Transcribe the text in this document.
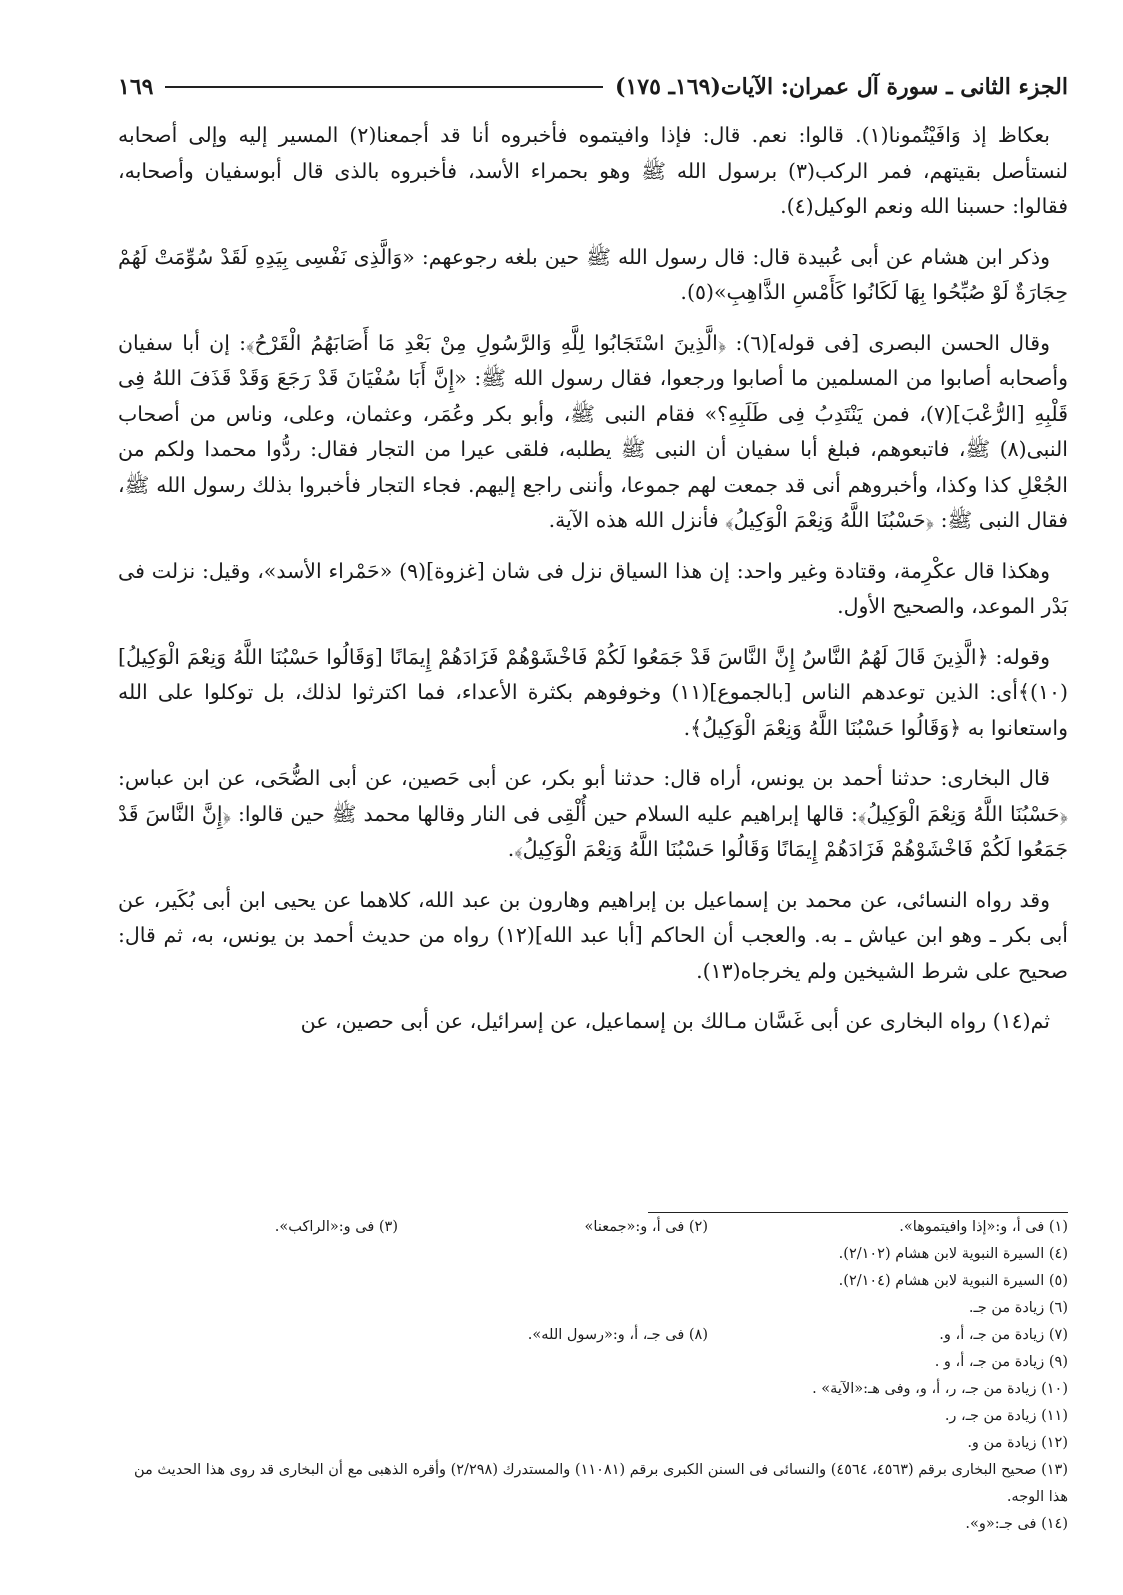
الجزء الثانى ـ سورة آل عمران: الآيات(١٦٩ـ ١٧٥)
١٦٩

بعكاظ إذ وَافَيْتُمونا(١). قالوا: نعم. قال: فإذا وافيتموه فأخبروه أنا قد أجمعنا(٢) المسير إليه وإلى أصحابه لنستأصل بقيتهم، فمر الركب(٣) برسول الله ﷺ وهو بحمراء الأسد، فأخبروه بالذى قال أبوسفيان وأصحابه، فقالوا: حسبنا الله ونعم الوكيل(٤).

وذكر ابن هشام عن أبى عُبيدة قال: قال رسول الله ﷺ حين بلغه رجوعهم: «وَالَّذِى نَفْسِى بِيَدِهِ لَقَدْ سُوِّمَتْ لَهُمْ حِجَارَةٌ لَوْ صُبِّحُوا بِهَا لَكَانُوا كَأَمْسِ الذَّاهِبِ»(٥).

وقال الحسن البصرى [فى قوله](٦): ﴿الَّذِينَ اسْتَجَابُوا لِلَّهِ وَالرَّسُولِ مِنْ بَعْدِ مَا أَصَابَهُمُ الْقَرْحُ﴾: إن أبا سفيان وأصحابه أصابوا من المسلمين ما أصابوا ورجعوا، فقال رسول الله ﷺ: «إِنَّ أَبَا سُفْيَانَ قَدْ رَجَعَ وَقَدْ قَذَفَ اللهُ فِى قَلْبِهِ [الرُّعْبَ](٧)، فمن يَنْتَدِبُ فِى طَلَبِهِ؟» فقام النبى ﷺ، وأبو بكر وعُمَر، وعثمان، وعلى، وناس من أصحاب النبى(٨) ﷺ، فاتبعوهم، فبلغ أبا سفيان أن النبى ﷺ يطلبه، فلقى عيرا من التجار فقال: ردُّوا محمدا ولكم من الجُعْلِ كذا وكذا، وأخبروهم أنى قد جمعت لهم جموعا، وأننى راجع إليهم. فجاء التجار فأخبروا بذلك رسول الله ﷺ، فقال النبى ﷺ: ﴿حَسْبُنَا اللَّهُ وَنِعْمَ الْوَكِيلُ﴾ فأنزل الله هذه الآية.

وهكذا قال عكْرِمة، وقتادة وغير واحد: إن هذا السياق نزل فى شان [غزوة](٩) «حَمْراء الأسد»، وقيل: نزلت فى بَدْر الموعد، والصحيح الأول.

وقوله: ﴿الَّذِينَ قَالَ لَهُمُ النَّاسُ إِنَّ النَّاسَ قَدْ جَمَعُوا لَكُمْ فَاخْشَوْهُمْ فَزَادَهُمْ إِيمَانًا [وَقَالُوا حَسْبُنَا اللَّهُ وَنِعْمَ الْوَكِيلُ](١٠)﴾أى: الذين توعدهم الناس [بالجموع](١١) وخوفوهم بكثرة الأعداء، فما اكترثوا لذلك، بل توكلوا على الله واستعانوا به ﴿وَقَالُوا حَسْبُنَا اللَّهُ وَنِعْمَ الْوَكِيلُ﴾.

قال البخارى: حدثنا أحمد بن يونس، أراه قال: حدثنا أبو بكر، عن أبى حَصين، عن أبى الضُّحَى، عن ابن عباس: ﴿حَسْبُنَا اللَّهُ وَنِعْمَ الْوَكِيلُ﴾: قالها إبراهيم عليه السلام حين أُلْقِى فى النار وقالها محمد ﷺ حين قالوا: ﴿إِنَّ النَّاسَ قَدْ جَمَعُوا لَكُمْ فَاخْشَوْهُمْ فَزَادَهُمْ إِيمَانًا وَقَالُوا حَسْبُنَا اللَّهُ وَنِعْمَ الْوَكِيلُ﴾.

وقد رواه النسائى، عن محمد بن إسماعيل بن إبراهيم وهارون بن عبد الله، كلاهما عن يحيى ابن أبى بُكَير، عن أبى بكر ـ وهو ابن عياش ـ به. والعجب أن الحاكم [أبا عبد الله](١٢) رواه من حديث أحمد بن يونس، به، ثم قال: صحيح على شرط الشيخين ولم يخرجاه(١٣).

ثم(١٤) رواه البخارى عن أبى غَسَّان مـالك بن إسماعيل، عن إسرائيل، عن أبى حصين، عن

(١) فى أ، و:«إذا وافيتموها».
(٢) فى أ، و:«جمعنا»
(٣) فى و:«الراكب».
(٤) السيرة النبوية لابن هشام (٢/١٠٢).
(٥) السيرة النبوية لابن هشام (٢/١٠٤).
(٦) زيادة من جـ.
(٧) زيادة من جـ، أ، و.
(٨) فى جـ، أ، و:«رسول الله».
(٩) زيادة من جـ، أ، و .
(١٠) زيادة من جـ، ر، أ، و، وفى هـ:«الآية» .
(١١) زيادة من جـ، ر.
(١٢) زيادة من و.
(١٣) صحيح البخارى برقم (٤٥٦٣، ٤٥٦٤) والنسائى فى السنن الكبرى برقم (١١٠٨١) والمستدرك (٢/٢٩٨) وأقره الذهبى مع أن البخارى قد روى هذا الحديث من هذا الوجه.
(١٤) فى جـ:«و».
